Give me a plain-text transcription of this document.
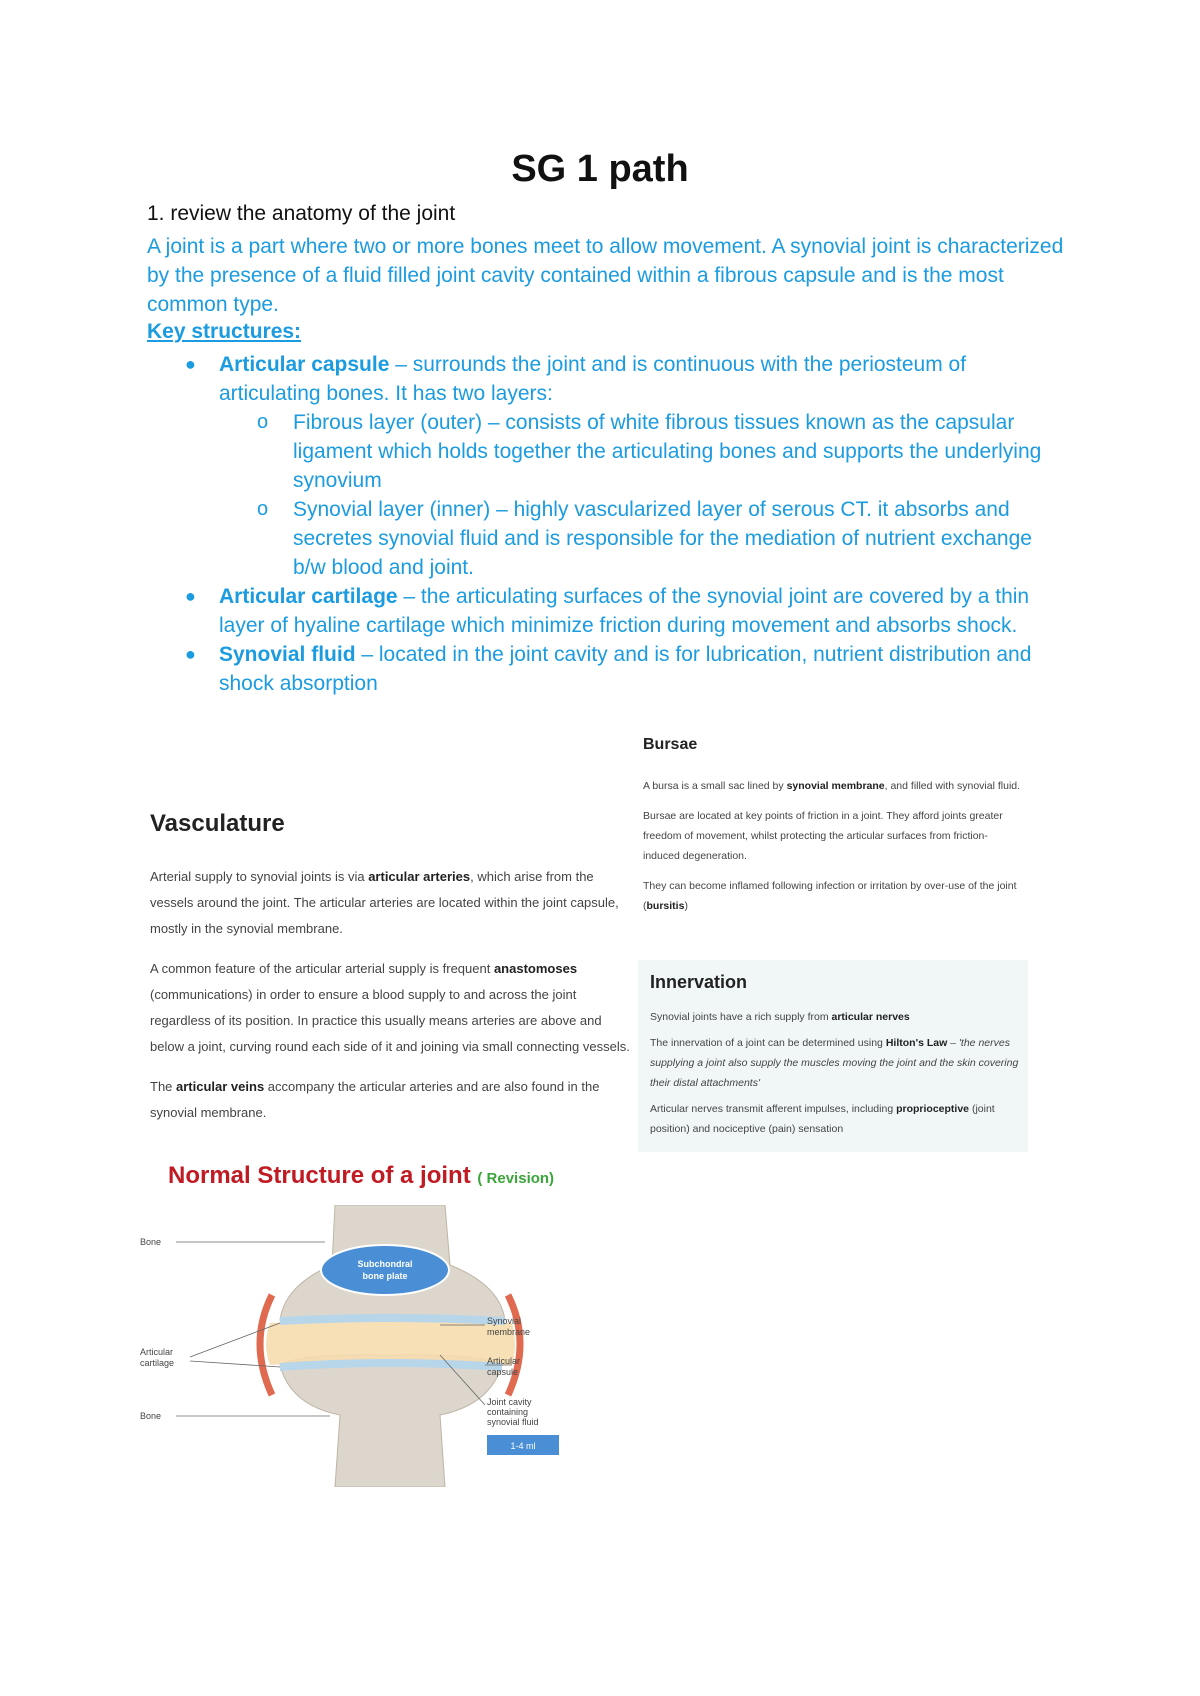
SG 1 path
1. review the anatomy of the joint
A joint is a part where two or more bones meet to allow movement. A synovial joint is characterized by the presence of a fluid filled joint cavity contained within a fibrous capsule and is the most common type.
Key structures:
● Articular capsule – surrounds the joint and is continuous with the periosteum of articulating bones. It has two layers:
o Fibrous layer (outer) – consists of white fibrous tissues known as the capsular ligament which holds together the articulating bones and supports the underlying synovium
o Synovial layer (inner) – highly vascularized layer of serous CT. it absorbs and secretes synovial fluid and is responsible for the mediation of nutrient exchange b/w blood and joint.
● Articular cartilage – the articulating surfaces of the synovial joint are covered by a thin layer of hyaline cartilage which minimize friction during movement and absorbs shock.
● Synovial fluid – located in the joint cavity and is for lubrication, nutrient distribution and shock absorption
Bursae

A bursa is a small sac lined by synovial membrane, and filled with synovial fluid.

Bursae are located at key points of friction in a joint. They afford joints greater freedom of movement, whilst protecting the articular surfaces from friction-induced degeneration.

They can become inflamed following infection or irritation by over-use of the joint (bursitis)

Vasculature

Arterial supply to synovial joints is via articular arteries, which arise from the vessels around the joint. The articular arteries are located within the joint capsule, mostly in the synovial membrane.

A common feature of the articular arterial supply is frequent anastomoses (communications) in order to ensure a blood supply to and across the joint regardless of its position. In practice this usually means arteries are above and below a joint, curving round each side of it and joining via small connecting vessels.

The articular veins accompany the articular arteries and are also found in the synovial membrane.

Innervation

Synovial joints have a rich supply from articular nerves

The innervation of a joint can be determined using Hilton's Law – 'the nerves supplying a joint also supply the muscles moving the joint and the skin covering their distal attachments'

Articular nerves transmit afferent impulses, including proprioceptive (joint position) and nociceptive (pain) sensation

Normal Structure of a joint ( Revision)
Subchondral
bone plate
Bone
Articular
cartilage
Bone
Synovial
membrane
Articular
capsule
Joint cavity
containing
synovial fluid
1-4 ml
